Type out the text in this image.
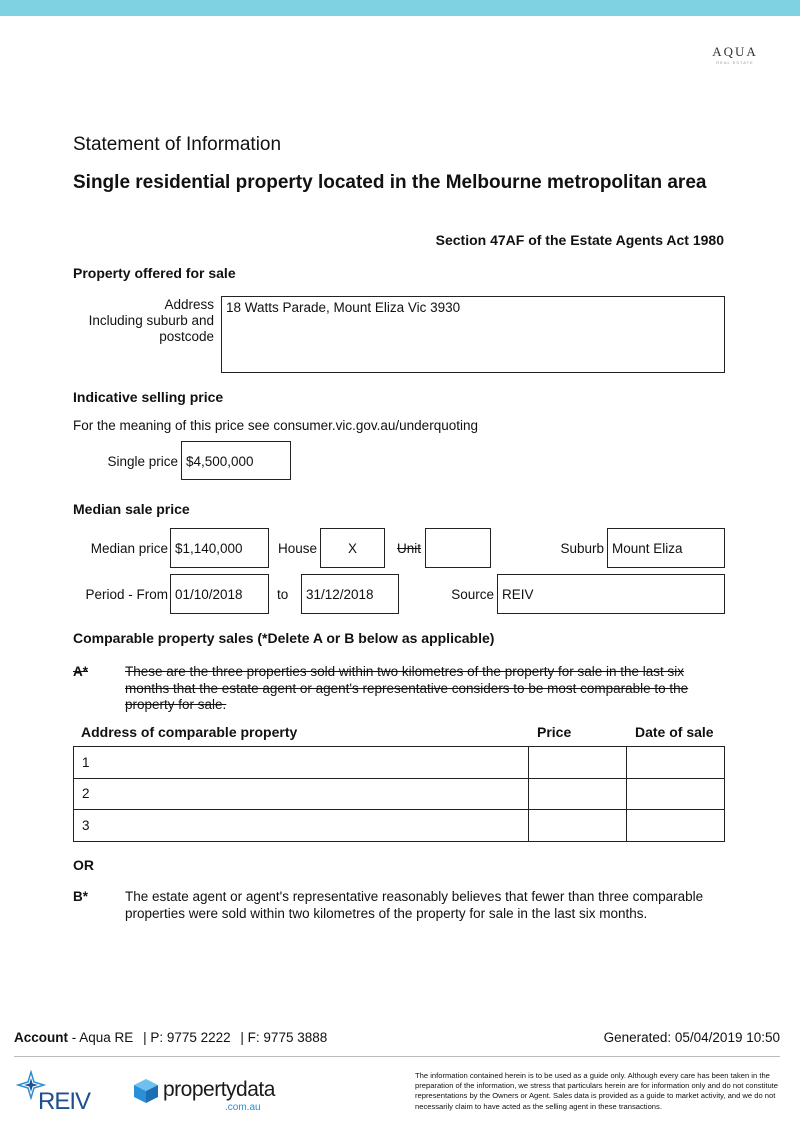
AQUA
REAL ESTATE
Statement of Information
Single residential property located in the Melbourne metropolitan area
Section 47AF of the Estate Agents Act 1980
Property offered for sale
Address
Including suburb and
postcode
18 Watts Parade, Mount Eliza Vic 3930
Indicative selling price
For the meaning of this price see consumer.vic.gov.au/underquoting
Single price $4,500,000
Median sale price
Median price $1,140,000	House	X	Unit	Suburb Mount Eliza
Period - From 01/10/2018	to	31/12/2018	Source REIV
Comparable property sales (*Delete A or B below as applicable)
A*	These are the three properties sold within two kilometres of the property for sale in the last six months that the estate agent or agent's representative considers to be most comparable to the property for sale.
Address of comparable property	Price	Date of sale
1		
2		
3		
OR
B*	The estate agent or agent's representative reasonably believes that fewer than three comparable properties were sold within two kilometres of the property for sale in the last six months.
Account - Aqua RE | P: 9775 2222 | F: 9775 3888	Generated: 05/04/2019 10:50
REIV	propertydata
.com.au
The information contained herein is to be used as a guide only. Although every care has been taken in the preparation of the information, we stress that particulars herein are for information only and do not constitute representations by the Owners or Agent. Sales data is provided as a guide to market activity, and we do not necessarily claim to have acted as the selling agent in these transactions.
